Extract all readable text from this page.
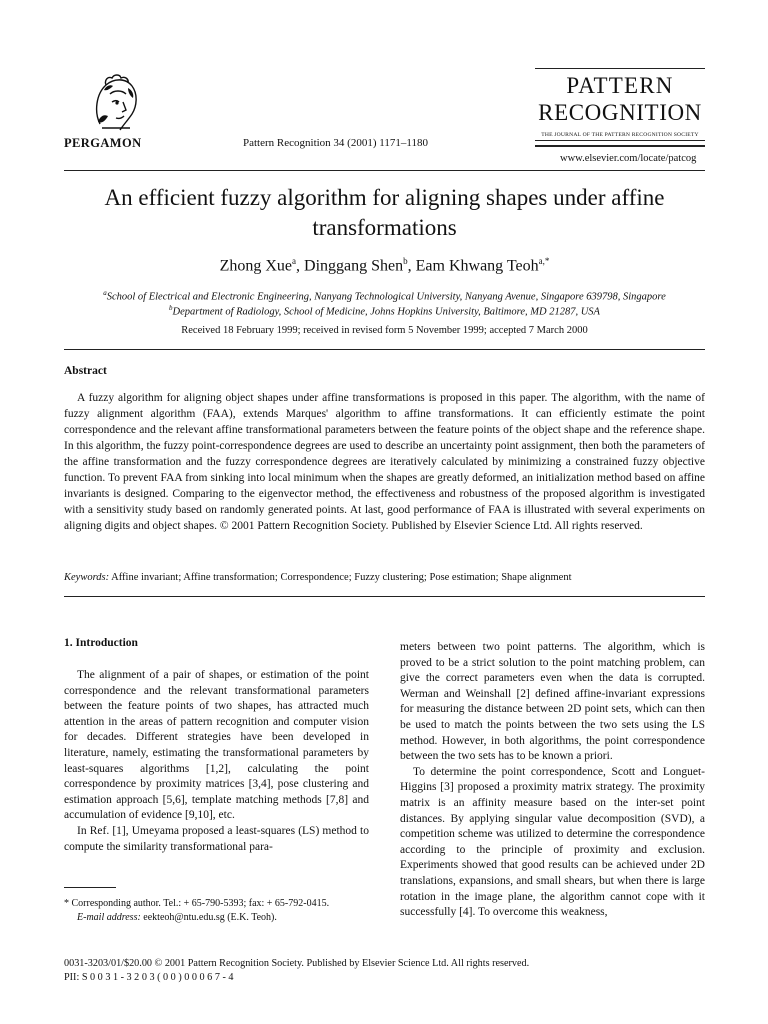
PERGAMON	Pattern Recognition 34 (2001) 1171–1180
PATTERN
RECOGNITION
THE JOURNAL OF THE PATTERN RECOGNITION SOCIETY
www.elsevier.com/locate/patcog
An efficient fuzzy algorithm for aligning shapes under affine transformations
Zhong Xue$^a$, Dinggang Shen$^b$, Eam Khwang Teoh$^{a,*}$
$^a$School of Electrical and Electronic Engineering, Nanyang Technological University, Nanyang Avenue, Singapore 639798, Singapore
$^b$Department of Radiology, School of Medicine, Johns Hopkins University, Baltimore, MD 21287, USA
Received 18 February 1999; received in revised form 5 November 1999; accepted 7 March 2000
Abstract
A fuzzy algorithm for aligning object shapes under affine transformations is proposed in this paper. The algorithm, with the name of fuzzy alignment algorithm (FAA), extends Marques' algorithm to affine transformations. It can efficiently estimate the point correspondence and the relevant affine transformational parameters between the feature points of the object shape and the reference shape. In this algorithm, the fuzzy point-correspondence degrees are used to describe an uncertainty point assignment, then both the parameters of the affine transformation and the fuzzy correspondence degrees are iteratively calculated by minimizing a constrained fuzzy objective function. To prevent FAA from sinking into local minimum when the shapes are greatly deformed, an initialization method based on affine invariants is designed. Comparing to the eigenvector method, the effectiveness and robustness of the proposed algorithm is investigated with a sensitivity study based on randomly generated points. At last, good performance of FAA is illustrated with several experiments on aligning digits and object shapes. © 2001 Pattern Recognition Society. Published by Elsevier Science Ltd. All rights reserved.
Keywords: Affine invariant; Affine transformation; Correspondence; Fuzzy clustering; Pose estimation; Shape alignment
1. Introduction

The alignment of a pair of shapes, or estimation of the point correspondence and the relevant transformational parameters between the feature points of two shapes, has attracted much attention in the areas of pattern recognition and computer vision for decades. Different strategies have been developed in literature, namely, estimating the transformational parameters by least-squares algorithms [1,2], calculating the point correspondence by proximity matrices [3,4], pose clustering and estimation approach [5,6], template matching methods [7,8] and accumulation of evidence [9,10], etc.

In Ref. [1], Umeyama proposed a least-squares (LS) method to compute the similarity transformational para-

meters between two point patterns. The algorithm, which is proved to be a strict solution to the point matching problem, can give the correct parameters even when the data is corrupted. Werman and Weinshall [2] defined affine-invariant expressions for measuring the distance between 2D point sets, which can then be used to match the points between the two sets using the LS method. However, in both algorithms, the point correspondence between the two sets has to be known a priori.

To determine the point correspondence, Scott and Longuet-Higgins [3] proposed a proximity matrix strategy. The proximity matrix is an affinity measure based on the inter-set point distances. By applying singular value decomposition (SVD), a competition scheme was utilized to determine the correspondence according to the principle of proximity and exclusion. Experiments showed that good results can be achieved under 2D translations, expansions, and small shears, but when there is large rotation in the image plane, the algorithm cannot cope with it successfully [4]. To overcome this weakness,

* Corresponding author. Tel.: + 65-790-5393; fax: + 65-792-0415.
E-mail address: eekteoh@ntu.edu.sg (E.K. Teoh).
0031-3203/01/$20.00 © 2001 Pattern Recognition Society. Published by Elsevier Science Ltd. All rights reserved.
PII: S 0 0 3 1 - 3 2 0 3 ( 0 0 ) 0 0 0 6 7 - 4
